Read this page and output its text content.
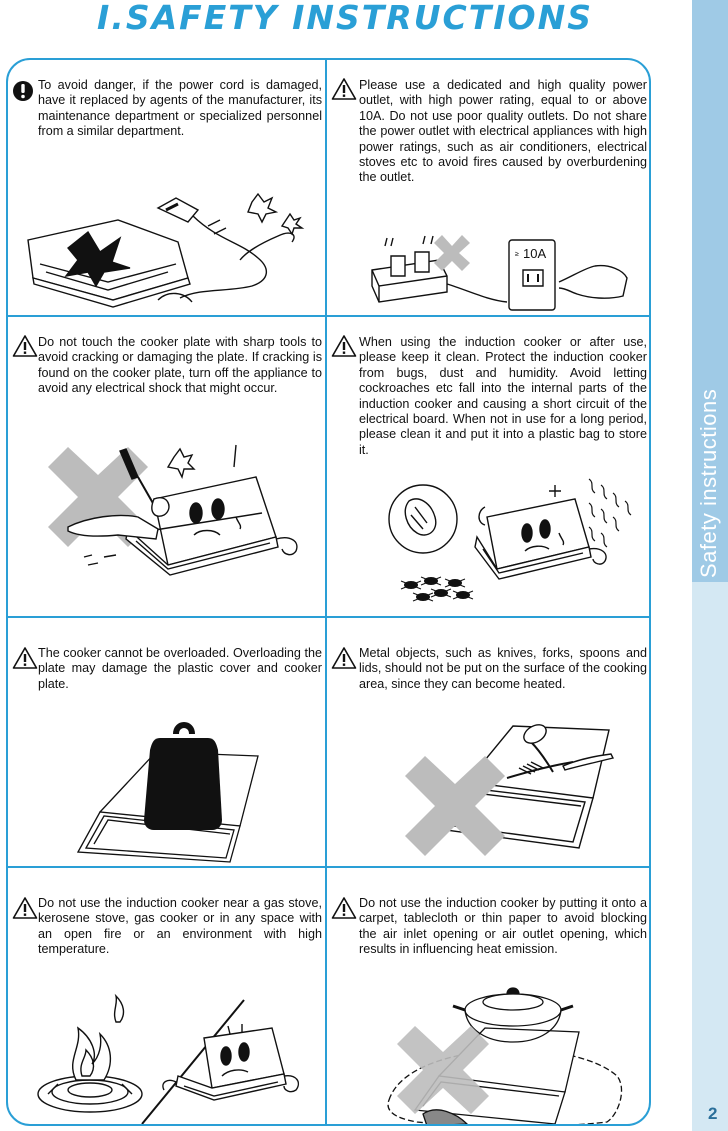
I.SAFETY INSTRUCTIONS
Safety instructions
2
To avoid danger, if the power cord is damaged, have it replaced by agents of the manufacturer, its maintenance department or specialized personnel from a similar department.
Please use a dedicated and high quality power outlet, with high power rating, equal to or above 10A. Do not use poor quality outlets. Do not share the power outlet with electrical appliances with high power ratings, such as air conditioners, electrical stoves etc to avoid fires caused by overburdening the outlet.
≥ 10A
Do not touch the cooker plate with sharp tools to avoid cracking or damaging the plate. If cracking is found on the cooker plate, turn off the appliance to avoid any electrical shock that might occur.
When using the induction cooker or after use, please keep it clean. Protect the induction cooker from bugs, dust and humidity. Avoid letting cockroaches etc fall into the internal parts of the induction cooker and causing a short circuit of the electrical board. When not in use for a long period, please clean it and put it into a plastic bag to store it.
The cooker cannot be overloaded. Overloading the plate may damage the plastic cover and cooker plate.
Metal objects, such as knives, forks, spoons and lids, should not be put on the surface of the cooking area, since they can become heated.
Do not use the induction cooker near a gas stove, kerosene stove, gas cooker or in any space with an open fire or an environment with high temperature.
Do not use the induction cooker by putting it onto a carpet, tablecloth or thin paper to avoid blocking the air inlet opening or air outlet opening, which results in influencing heat emission.
